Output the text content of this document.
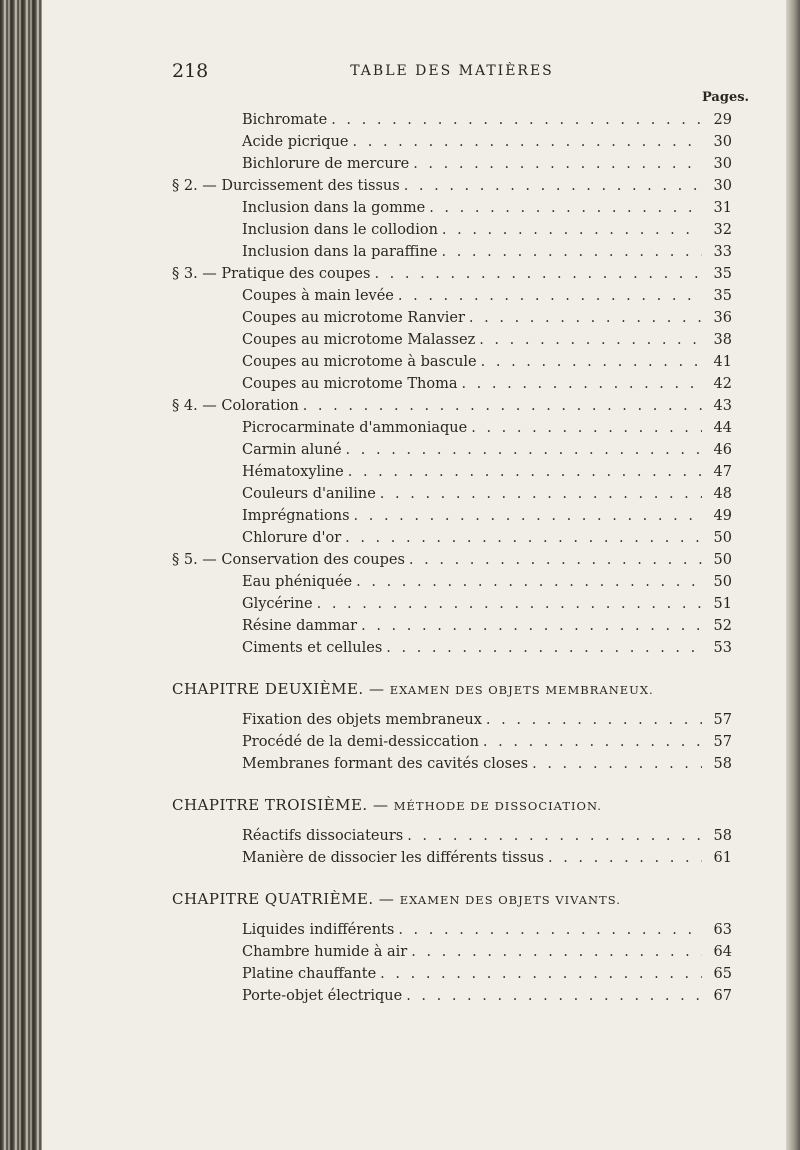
218	TABLE DES MATIÈRES
Pages.
Bichromate . . .	29
Acide picrique . . .	30
Bichlorure de mercure . . .	30
§ 2. — Durcissement des tissus . . .	30
Inclusion dans la gomme . . .	31
Inclusion dans le collodion . . .	32
Inclusion dans la paraffine . . .	33
§ 3. — Pratique des coupes . . .	35
Coupes à main levée . . .	35
Coupes au microtome Ranvier . . .	36
Coupes au microtome Malassez . . .	38
Coupes au microtome à bascule . . .	41
Coupes au microtome Thoma . . .	42
§ 4. — Coloration . . .	43
Picrocarminate d'ammoniaque . . .	44
Carmin aluné . . .	46
Hématoxyline . . .	47
Couleurs d'aniline . . .	48
Imprégnations . . .	49
Chlorure d'or . . .	50
§ 5. — Conservation des coupes . . .	50
Eau phéniquée . . .	50
Glycérine . . .	51
Résine dammar . . .	52
Ciments et cellules . . .	53
CHAPITRE DEUXIÈME. — EXAMEN DES OBJETS MEMBRANEUX.
Fixation des objets membraneux . . .	57
Procédé de la demi-dessiccation . . .	57
Membranes formant des cavités closes . . .	58
CHAPITRE TROISIÈME. — MÉTHODE DE DISSOCIATION.
Réactifs dissociateurs . . .	58
Manière de dissocier les différents tissus . . .	61
CHAPITRE QUATRIÈME. — EXAMEN DES OBJETS VIVANTS.
Liquides indifférents . . .	63
Chambre humide à air . . .	64
Platine chauffante . . .	65
Porte-objet électrique . . .	67
